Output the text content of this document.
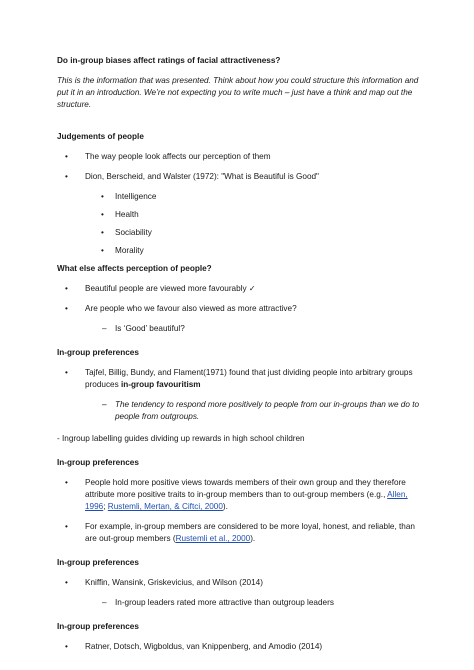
Do in-group biases affect ratings of facial attractiveness?

This is the information that was presented. Think about how you could structure this information and put it in an introduction. We’re not expecting you to write much – just have a think and map out the structure.

Judgements of people

• The way people look affects our perception of them
• Dion, Berscheid, and Walster (1972): "What is Beautiful is Good"
• Intelligence
• Health
• Sociability
• Morality

What else affects perception of people?

• Beautiful people are viewed more favourably ✓
• Are people who we favour also viewed as more attractive?
– Is ‘Good’ beautiful?

In-group preferences

• Tajfel, Billig, Bundy, and Flament(1971) found that just dividing people into arbitrary groups produces in-group favouritism
– The tendency to respond more positively to people from our in-groups than we do to people from outgroups.

- Ingroup labelling guides dividing up rewards in high school children

In-group preferences

• People hold more positive views towards members of their own group and they therefore attribute more positive traits to in-group members than to out-group members (e.g., Allen, 1996; Rustemli, Mertan, & Ciftci, 2000).
• For example, in-group members are considered to be more loyal, honest, and reliable, than are out-group members (Rustemli et al., 2000).

In-group preferences

• Kniffin, Wansink, Griskevicius, and Wilson (2014)
– In-group leaders rated more attractive than outgroup leaders

In-group preferences

• Ratner, Dotsch, Wigboldus, van Knippenberg, and Amodio (2014)
